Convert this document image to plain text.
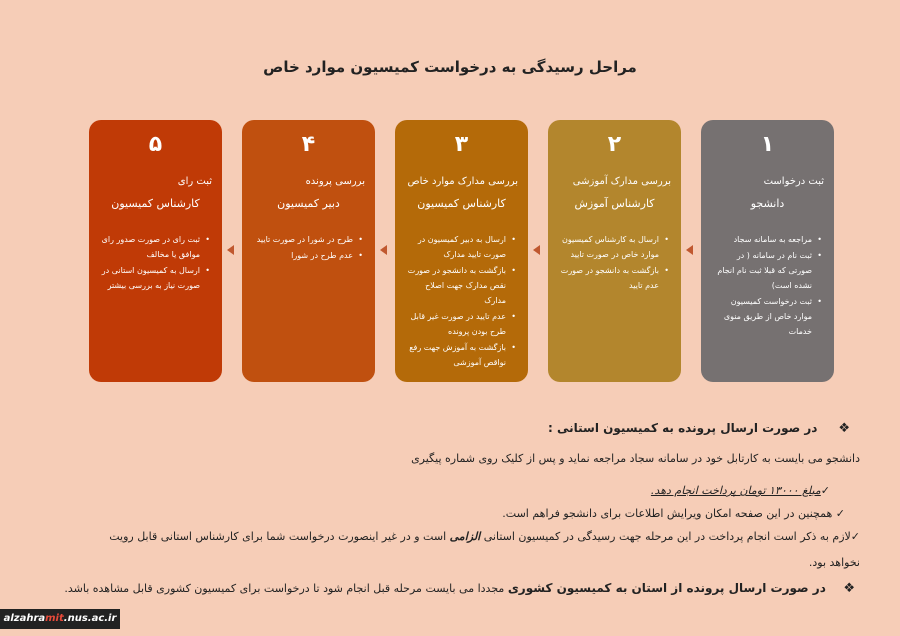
مراحل رسیدگی به درخواست کمیسیون موارد خاص
۱
ثبت درخواست
دانشجو
• مراجعه به سامانه سجاد
• ثبت نام در سامانه ( در صورتی که قبلا ثبت نام انجام نشده است)
• ثبت درخواست کمیسیون موارد خاص از طریق منوی خدمات
۲
بررسی مدارک آموزشی
کارشناس آموزش
• ارسال به کارشناس کمیسیون موارد خاص در صورت تایید
• بازگشت به دانشجو در صورت عدم تایید
۳
بررسی مدارک موارد خاص
کارشناس کمیسیون
• ارسال به دبیر کمیسیون در صورت تایید مدارک
• بازگشت به دانشجو در صورت نقص مدارک جهت اصلاح مدارک
• عدم تایید در صورت غیر قابل طرح بودن پرونده
• بازگشت به آموزش جهت رفع نواقص آموزشی
۴
بررسی پرونده
دبیر کمیسیون
• طرح در شورا در صورت تایید
• عدم طرح در شورا
۵
ثبت رای
کارشناس کمیسیون
• ثبت رای در صورت صدور رای موافق یا مخالف
• ارسال به کمیسیون استانی در صورت نیاز به بررسی بیشتر
❖     در صورت ارسال پرونده به کمیسیون استانی :
دانشجو می بایست به کارتابل خود در سامانه سجاد مراجعه نماید و پس از کلیک روی شماره پیگیری
✓مبلغ ۱۳۰۰۰ تومان پرداخت انجام دهد.
✓ همچنین در این صفحه امکان ویرایش اطلاعات برای دانشجو فراهم است.
✓لازم به ذکر است انجام پرداخت در این مرحله جهت رسیدگی در کمیسیون استانی الزامی است و در غیر اینصورت درخواست شما برای کارشناس استانی قابل رویت
نخواهد بود.
❖     در صورت ارسال پرونده از استان به کمیسیون کشوری مجددا می بایست مرحله قبل انجام شود تا درخواست برای کمیسیون کشوری قابل مشاهده باشد.
alzahramit.nus.ac.ir
